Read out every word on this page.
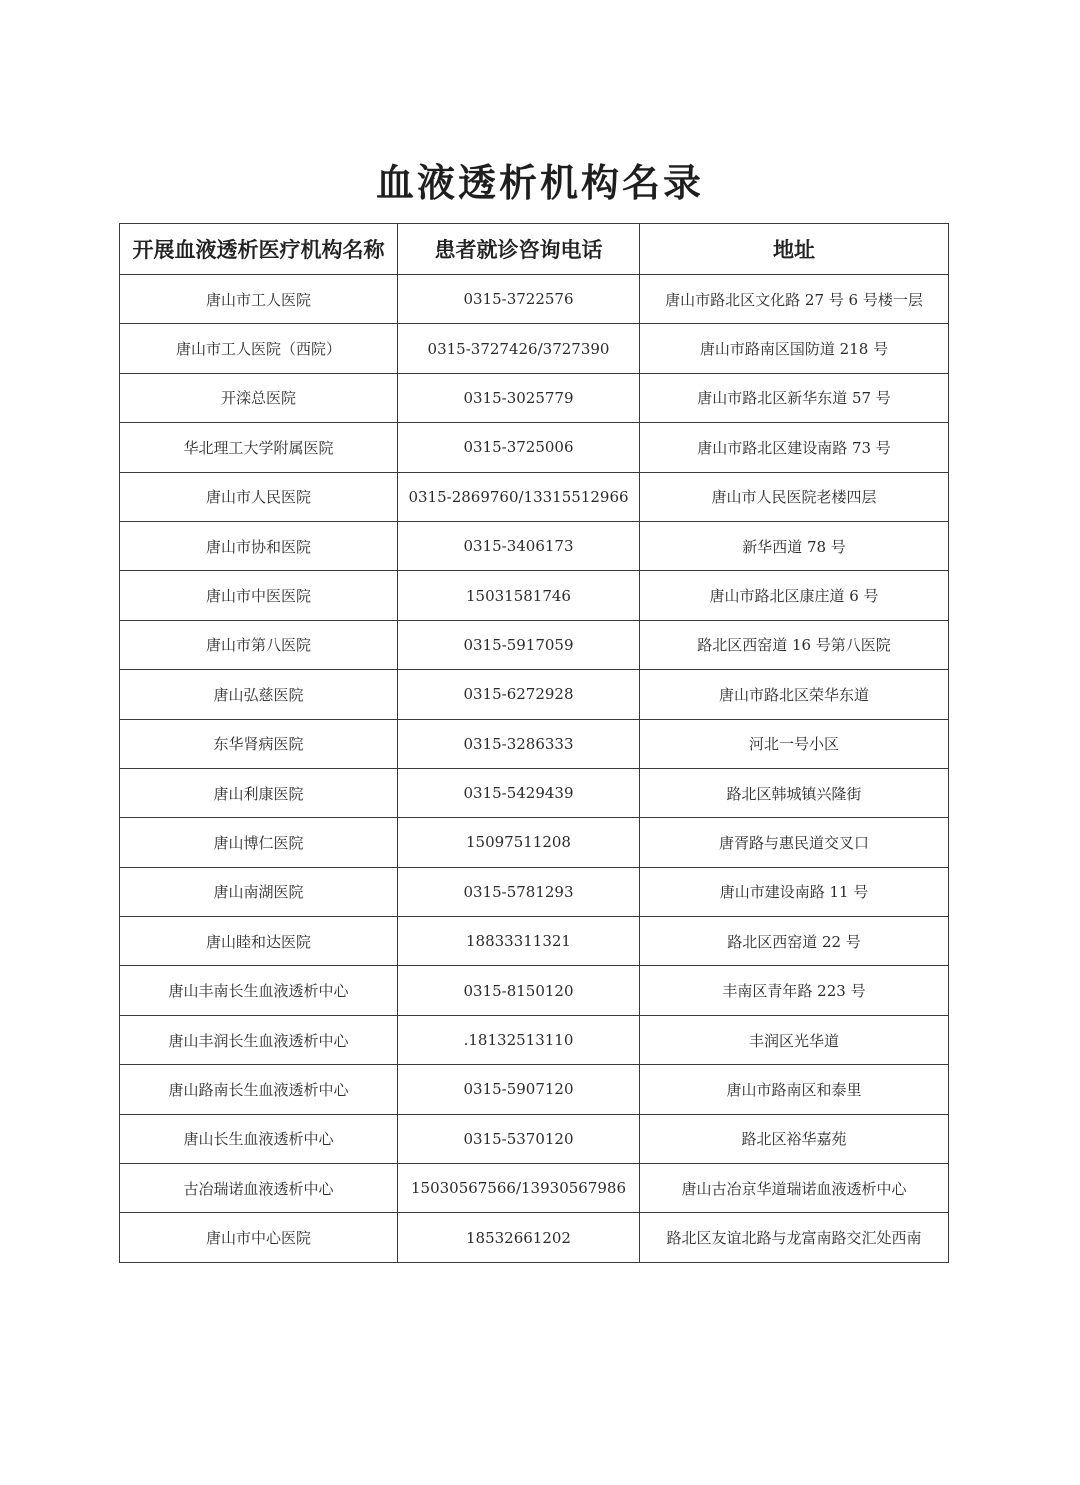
血液透析机构名录
开展血液透析医疗机构名称	患者就诊咨询电话	地址
唐山市工人医院	0315-3722576	唐山市路北区文化路 27 号 6 号楼一层
唐山市工人医院（西院）	0315-3727426/3727390	唐山市路南区国防道 218 号
开滦总医院	0315-3025779	唐山市路北区新华东道 57 号
华北理工大学附属医院	0315-3725006	唐山市路北区建设南路 73 号
唐山市人民医院	0315-2869760/13315512966	唐山市人民医院老楼四层
唐山市协和医院	0315-3406173	新华西道 78 号
唐山市中医医院	15031581746	唐山市路北区康庄道 6 号
唐山市第八医院	0315-5917059	路北区西窑道 16 号第八医院
唐山弘慈医院	0315-6272928	唐山市路北区荣华东道
东华肾病医院	0315-3286333	河北一号小区
唐山利康医院	0315-5429439	路北区韩城镇兴隆街
唐山博仁医院	15097511208	唐胥路与惠民道交叉口
唐山南湖医院	0315-5781293	唐山市建设南路 11 号
唐山睦和达医院	18833311321	路北区西窑道 22 号
唐山丰南长生血液透析中心	0315-8150120	丰南区青年路 223 号
唐山丰润长生血液透析中心	.18132513110	丰润区光华道
唐山路南长生血液透析中心	0315-5907120	唐山市路南区和泰里
唐山长生血液透析中心	0315-5370120	路北区裕华嘉苑
古冶瑞诺血液透析中心	15030567566/13930567986	唐山古冶京华道瑞诺血液透析中心
唐山市中心医院	18532661202	路北区友谊北路与龙富南路交汇处西南
